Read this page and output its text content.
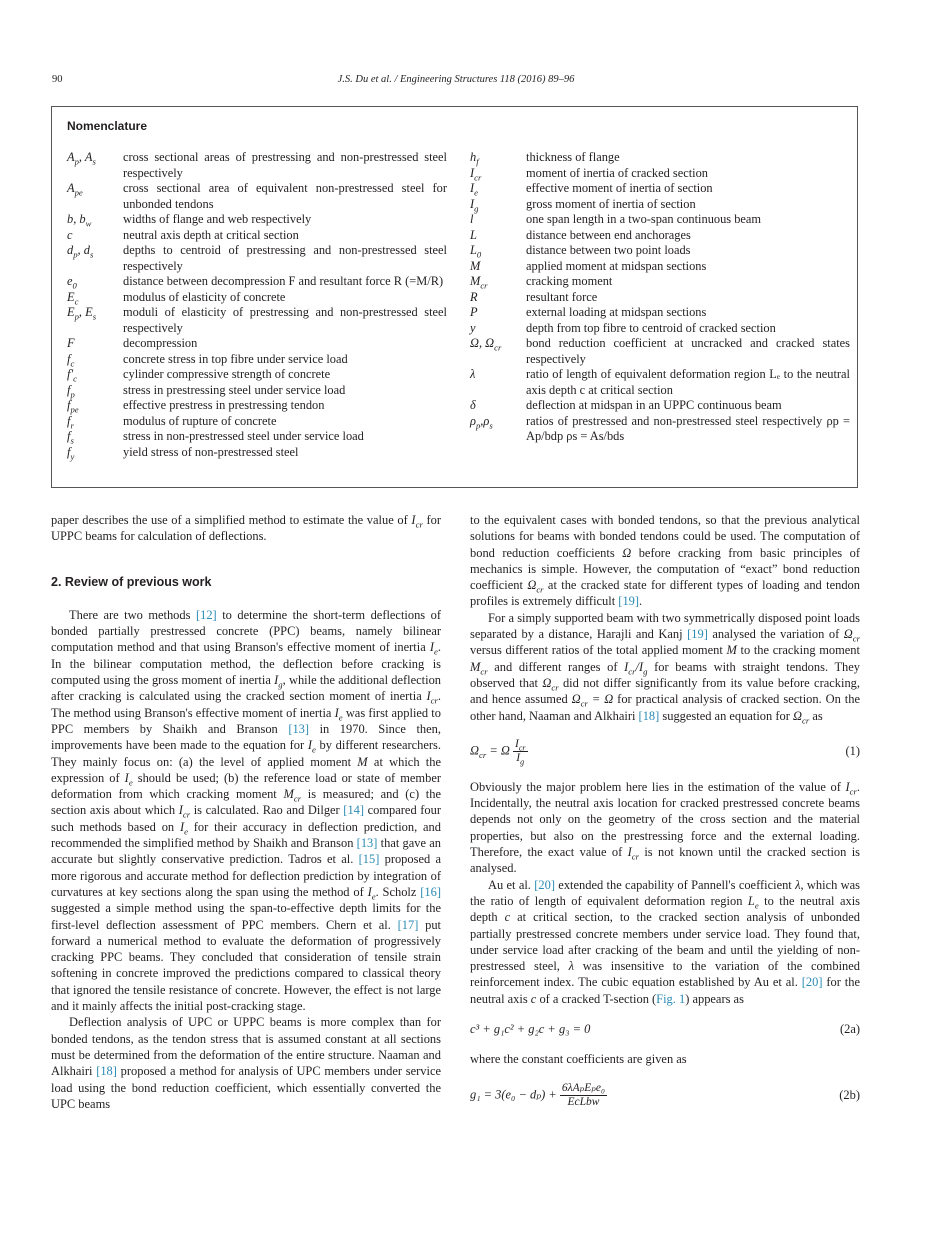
90	J.S. Du et al. / Engineering Structures 118 (2016) 89–96
Nomenclature
$A_p$, $A_s$	cross sectional areas of prestressing and non-prestressed steel respectively
$A_{pe}$	cross sectional area of equivalent non-prestressed steel for unbonded tendons
b, $b_w$	widths of flange and web respectively
c	neutral axis depth at critical section
$d_p$, $d_s$	depths to centroid of prestressing and non-prestressed steel respectively
$e_0$	distance between decompression F and resultant force R (=M/R)
$E_c$	modulus of elasticity of concrete
$E_p$, $E_s$	moduli of elasticity of prestressing and non-prestressed steel respectively
F	decompression
$f_c$	concrete stress in top fibre under service load
$f'_c$	cylinder compressive strength of concrete
$f_p$	stress in prestressing steel under service load
$f_{pe}$	effective prestress in prestressing tendon
$f_r$	modulus of rupture of concrete
$f_s$	stress in non-prestressed steel under service load
$f_y$	yield stress of non-prestressed steel
$h_f$	thickness of flange
$I_{cr}$	moment of inertia of cracked section
$I_e$	effective moment of inertia of section
$I_g$	gross moment of inertia of section
l	one span length in a two-span continuous beam
L	distance between end anchorages
$L_0$	distance between two point loads
M	applied moment at midspan sections
$M_{cr}$	cracking moment
R	resultant force
P	external loading at midspan sections
y	depth from top fibre to centroid of cracked section
Ω, $\Omega_{cr}$	bond reduction coefficient at uncracked and cracked states respectively
λ	ratio of length of equivalent deformation region Lₑ to the neutral axis depth c at critical section
δ	deflection at midspan in an UPPC continuous beam
$\rho_p,\rho_s$	ratios of prestressed and non-prestressed steel respectively ρp = Ap/bdp ρs = As/bds

paper describes the use of a simplified method to estimate the value of $I_{cr}$ for UPPC beams for calculation of deflections.

2. Review of previous work

There are two methods [12] to determine the short-term deflections of bonded partially prestressed concrete (PPC) beams, namely bilinear computation method and that using Branson's effective moment of inertia $I_e$. In the bilinear computation method, the deflection before cracking is computed using the gross moment of inertia $I_g$, while the additional deflection after cracking is calculated using the cracked section moment of inertia $I_{cr}$. The method using Branson's effective moment of inertia $I_e$ was first applied to PPC members by Shaikh and Branson [13] in 1970. Since then, improvements have been made to the equation for $I_e$ by different researchers. They mainly focus on: (a) the level of applied moment M at which the expression of $I_e$ should be used; (b) the reference load or state of member deformation from which cracking moment $M_{cr}$ is measured; and (c) the section axis about which $I_{cr}$ is calculated. Rao and Dilger [14] compared four such methods based on $I_e$ for their accuracy in deflection prediction, and recommended the simplified method by Shaikh and Branson [13] that gave an accurate but slightly conservative prediction. Tadros et al. [15] proposed a more rigorous and accurate method for deflection prediction by integration of curvatures at key sections along the span using the method of $I_e$. Scholz [16] suggested a simple method using the span-to-effective depth limits for the first-level deflection assessment of PPC members. Chern et al. [17] put forward a numerical method to evaluate the deformation of progressively cracking PPC beams. They concluded that consideration of tensile strain softening in concrete improved the predictions compared to classical theory that ignored the tensile resistance of concrete. However, the effect is not large and it mainly affects the initial post-cracking stage.

Deflection analysis of UPC or UPPC beams is more complex than for bonded tendons, as the tendon stress that is assumed constant at all sections must be determined from the deformation of the entire structure. Naaman and Alkhairi [18] proposed a method for analysis of UPC members under service load using the bond reduction coefficient, which essentially converted the UPC beams

to the equivalent cases with bonded tendons, so that the previous analytical solutions for beams with bonded tendons could be used. The computation of bond reduction coefficients Ω before cracking from basic principles of mechanics is simple. However, the computation of “exact” bond reduction coefficient $\Omega_{cr}$ at the cracked state for different types of loading and tendon profiles is extremely difficult [19].

For a simply supported beam with two symmetrically disposed point loads separated by a distance, Harajli and Kanj [19] analysed the variation of $\Omega_{cr}$ versus different ratios of the total applied moment M to the cracking moment $M_{cr}$ and different ranges of $I_{cr}/I_g$ for beams with straight tendons. They observed that $\Omega_{cr}$ did not differ significantly from its value before cracking, and hence assumed $\Omega_{cr} = \Omega$ for practical analysis of cracked section. On the other hand, Naaman and Alkhairi [18] suggested an equation for $\Omega_{cr}$ as

$\Omega_{cr} = \Omega \frac{I_{cr}}{I_g}$	(1)

Obviously the major problem here lies in the estimation of the value of $I_{cr}$. Incidentally, the neutral axis location for cracked prestressed concrete beams depends not only on the geometry of the cross section and the material properties, but also on the prestressing force and the external loading. Therefore, the exact value of $I_{cr}$ is not known until the cracked section is analysed.

Au et al. [20] extended the capability of Pannell's coefficient λ, which was the ratio of length of equivalent deformation region $L_e$ to the neutral axis depth c at critical section, to the cracked section analysis of unbonded partially prestressed concrete members under service load. They found that, under service load after cracking of the beam and until the yielding of non-prestressed steel, λ was insensitive to the variation of the combined reinforcement index. The cubic equation established by Au et al. [20] for the neutral axis c of a cracked T-section (Fig. 1) appears as

c³ + g₁c² + g₂c + g₃ = 0	(2a)

where the constant coefficients are given as

$g_1 = 3(e_0 - d_p) + \frac{\text{6λAₚEₚe₀}}{\text{EcLbw}}$	(2b)
